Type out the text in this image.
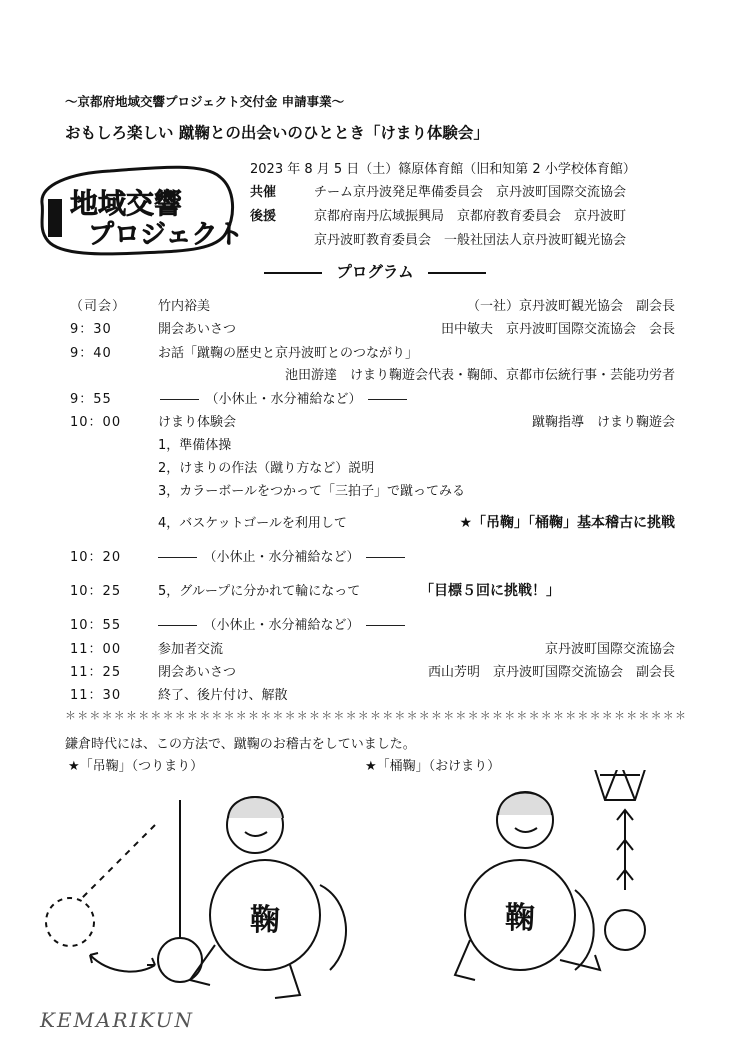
～京都府地域交響プロジェクト交付金 申請事業～
おもしろ楽しい 蹴鞠との出会いのひととき「けまり体験会」
地域交響
プロジェクト
2023 年 8 月 5 日（土）篠原体育館（旧和知第 2 小学校体育館）
共催	チーム京丹波発足準備委員会　京丹波町国際交流協会
後援	京都府南丹広域振興局　京都府教育委員会　京丹波町
京丹波町教育委員会　一般社団法人京丹波町観光協会
プログラム
（司会） 竹内裕美	（一社）京丹波町観光協会　副会長
9：30	開会あいさつ	田中敏夫　京丹波町国際交流協会　会長
9：40	お話「蹴鞠の歴史と京丹波町とのつながり」
池田游達　けまり鞠遊会代表・鞠師、京都市伝統行事・芸能功労者
9：55	―――　（小休止・水分補給など）　―――
10：00	けまり体験会	蹴鞠指導　けまり鞠遊会
1，準備体操
2，けまりの作法（蹴り方など）説明
3，カラーボールをつかって「三拍子」で蹴ってみる
4，バスケットゴールを利用して	★「吊鞠」「桶鞠」基本稽古に挑戦
10：20	―――　（小休止・水分補給など）　―――
10：25	5，グループに分かれて輪になって	「目標５回に挑戦！」
10：55	―――　（小休止・水分補給など）　―――
11：00	参加者交流	京丹波町国際交流協会
11：25	閉会あいさつ	西山芳明　京丹波町国際交流協会　副会長
11：30	終了、後片付け、解散
＊＊＊＊＊＊＊＊＊＊＊＊＊＊＊＊＊＊＊＊＊＊＊＊＊＊＊＊＊＊＊＊＊＊＊＊＊＊＊＊＊＊＊＊＊＊＊＊＊＊＊
鎌倉時代には、この方法で、蹴鞠のお稽古をしていました。
★「吊鞠」（つりまり）	★「桶鞠」（おけまり）
鞠	鞠
KEMARIKUN
